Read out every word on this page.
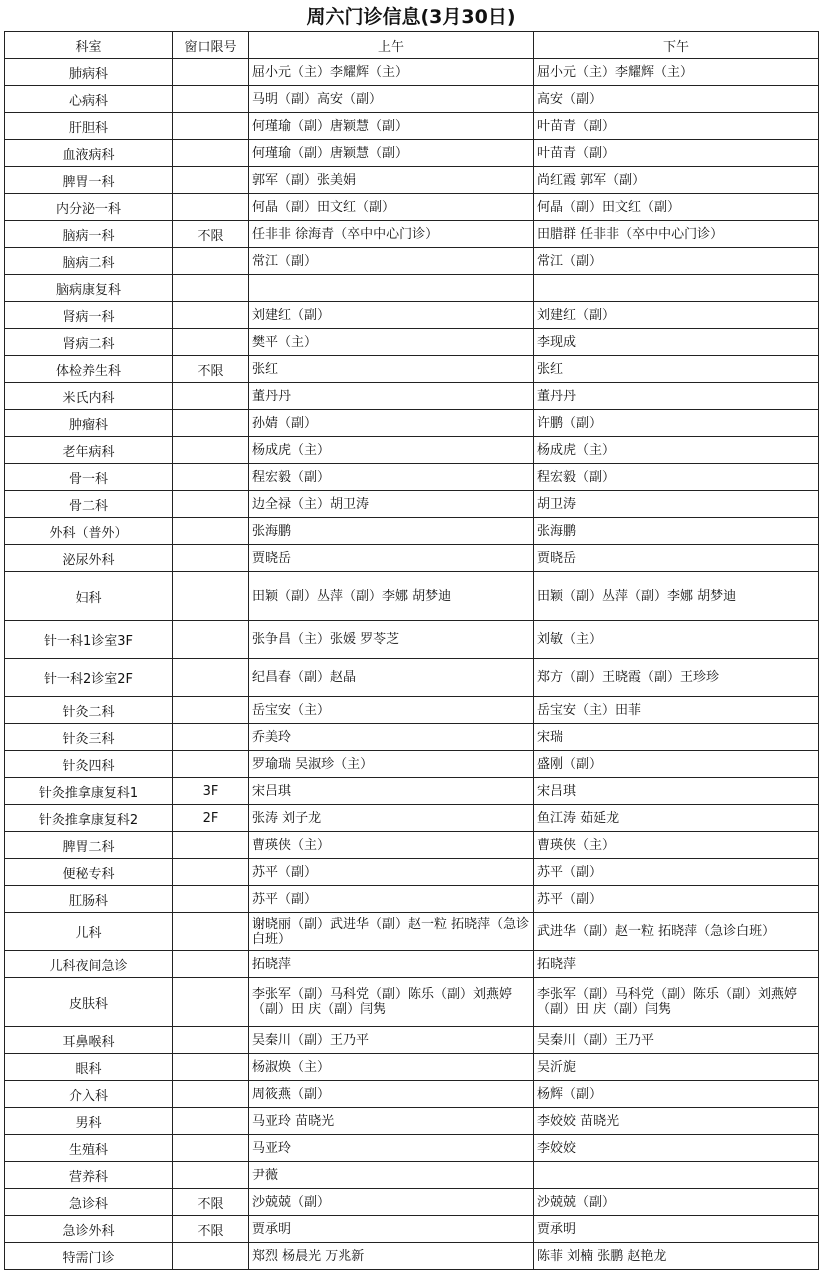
周六门诊信息(3月30日)
科室	窗口限号	上午	下午
肺病科		屈小元（主）李耀辉（主）	屈小元（主）李耀辉（主）
心病科		马明（副）高安（副）	高安（副）
肝胆科		何瑾瑜（副）唐颖慧（副）	叶苗青（副）
血液病科		何瑾瑜（副）唐颖慧（副）	叶苗青（副）
脾胃一科		郭军（副）张美娟	尚红霞 郭军（副）
内分泌一科		何晶（副）田文红（副）	何晶（副）田文红（副）
脑病一科	不限	任非非 徐海青（卒中中心门诊）	田腊群 任非非（卒中中心门诊）
脑病二科		常江（副）	常江（副）
脑病康复科			
肾病一科		刘建红（副）	刘建红（副）
肾病二科		樊平（主）	李现成
体检养生科	不限	张红	张红
米氏内科		董丹丹	董丹丹
肿瘤科		孙婧（副）	许鹏（副）
老年病科		杨成虎（主）	杨成虎（主）
骨一科		程宏毅（副）	程宏毅（副）
骨二科		边全禄（主）胡卫涛	胡卫涛
外科（普外）		张海鹏	张海鹏
泌尿外科		贾晓岳	贾晓岳
妇科		田颖（副）丛萍（副）李娜 胡梦迪	田颖（副）丛萍（副）李娜 胡梦迪
针一科1诊室3F		张争昌（主）张媛 罗苓芝	刘敏（主）
针一科2诊室2F		纪昌春（副）赵晶	郑方（副）王晓霞（副）王珍珍
针灸二科		岳宝安（主）	岳宝安（主）田菲
针灸三科		乔美玲	宋瑞
针灸四科		罗瑜瑞 吴淑珍（主）	盛刚（副）
针灸推拿康复科1	3F	宋吕琪	宋吕琪
针灸推拿康复科2	2F	张涛 刘子龙	鱼江涛 茹延龙
脾胃二科		曹瑛侠（主）	曹瑛侠（主）
便秘专科		苏平（副）	苏平（副）
肛肠科		苏平（副）	苏平（副）
儿科		谢晓丽（副）武进华（副）赵一粒 拓晓萍（急诊白班）	武进华（副）赵一粒 拓晓萍（急诊白班）
儿科夜间急诊		拓晓萍	拓晓萍
皮肤科		李张军（副）马科党（副）陈乐（副）刘燕婷（副）田 庆（副）闫隽	李张军（副）马科党（副）陈乐（副）刘燕婷（副）田 庆（副）闫隽
耳鼻喉科		吴秦川（副）王乃平	吴秦川（副）王乃平
眼科		杨淑焕（主）	吴沂旎
介入科		周筱燕（副）	杨辉（副）
男科		马亚玲 苗晓光	李姣姣 苗晓光
生殖科		马亚玲	李姣姣
营养科		尹薇	
急诊科	不限	沙兢兢（副）	沙兢兢（副）
急诊外科	不限	贾承明	贾承明
特需门诊		郑烈 杨晨光 万兆新	陈菲 刘楠 张鹏 赵艳龙
